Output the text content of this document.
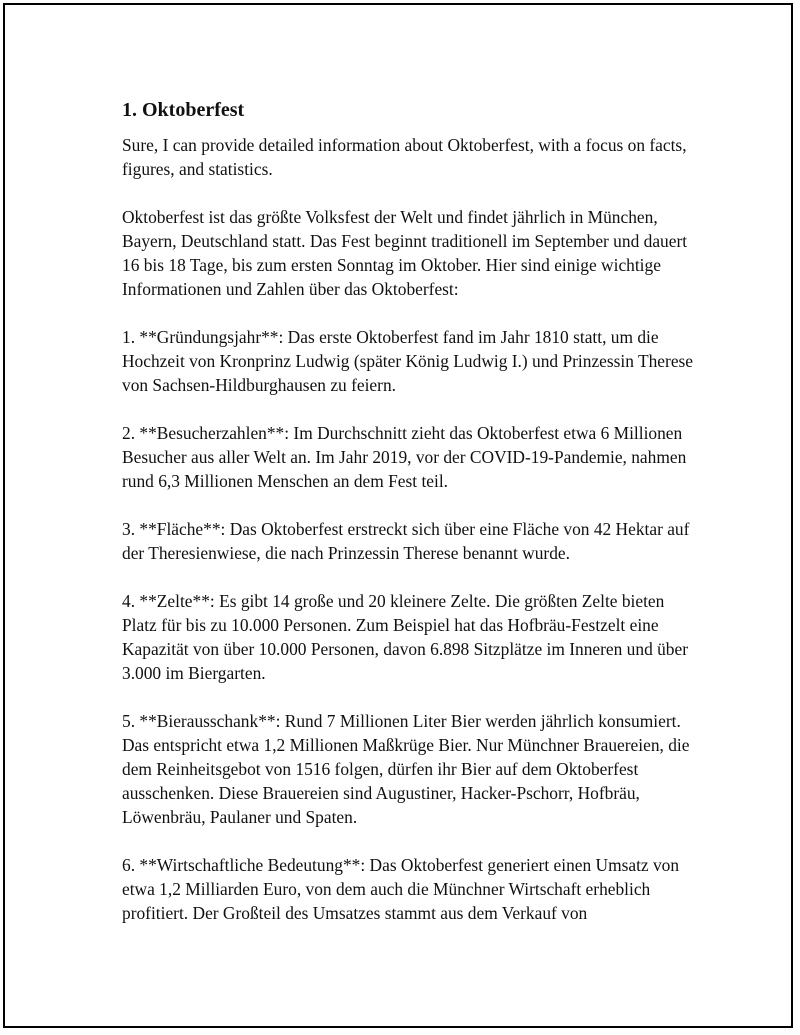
1. Oktoberfest

Sure, I can provide detailed information about Oktoberfest, with a focus on facts, figures, and statistics.

Oktoberfest ist das größte Volksfest der Welt und findet jährlich in München, Bayern, Deutschland statt. Das Fest beginnt traditionell im September und dauert 16 bis 18 Tage, bis zum ersten Sonntag im Oktober. Hier sind einige wichtige Informationen und Zahlen über das Oktoberfest:

1. **Gründungsjahr**: Das erste Oktoberfest fand im Jahr 1810 statt, um die Hochzeit von Kronprinz Ludwig (später König Ludwig I.) und Prinzessin Therese von Sachsen-Hildburghausen zu feiern.

2. **Besucherzahlen**: Im Durchschnitt zieht das Oktoberfest etwa 6 Millionen Besucher aus aller Welt an. Im Jahr 2019, vor der COVID-19-Pandemie, nahmen rund 6,3 Millionen Menschen an dem Fest teil.

3. **Fläche**: Das Oktoberfest erstreckt sich über eine Fläche von 42 Hektar auf der Theresienwiese, die nach Prinzessin Therese benannt wurde.

4. **Zelte**: Es gibt 14 große und 20 kleinere Zelte. Die größten Zelte bieten Platz für bis zu 10.000 Personen. Zum Beispiel hat das Hofbräu-Festzelt eine Kapazität von über 10.000 Personen, davon 6.898 Sitzplätze im Inneren und über 3.000 im Biergarten.

5. **Bierausschank**: Rund 7 Millionen Liter Bier werden jährlich konsumiert. Das entspricht etwa 1,2 Millionen Maßkrüge Bier. Nur Münchner Brauereien, die dem Reinheitsgebot von 1516 folgen, dürfen ihr Bier auf dem Oktoberfest ausschenken. Diese Brauereien sind Augustiner, Hacker-Pschorr, Hofbräu, Löwenbräu, Paulaner und Spaten.

6. **Wirtschaftliche Bedeutung**: Das Oktoberfest generiert einen Umsatz von etwa 1,2 Milliarden Euro, von dem auch die Münchner Wirtschaft erheblich profitiert. Der Großteil des Umsatzes stammt aus dem Verkauf von
